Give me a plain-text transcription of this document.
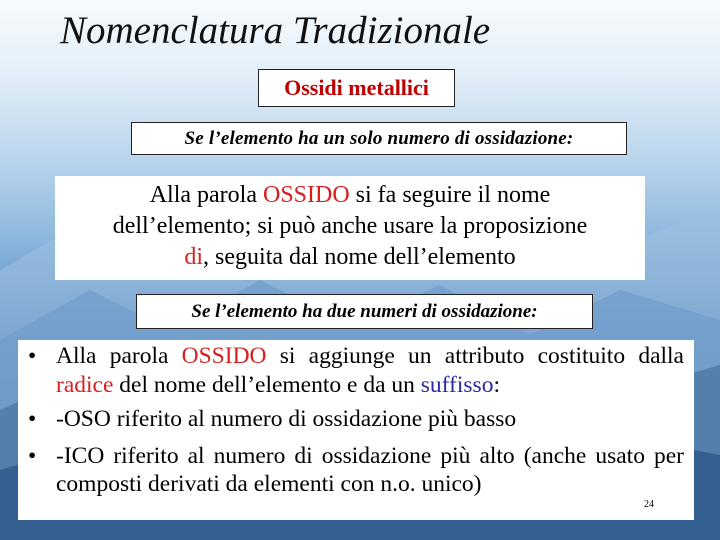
Nomenclatura Tradizionale
Ossidi metallici
Se l’elemento ha un solo numero di ossidazione:
Alla parola OSSIDO si fa seguire il nome
dell’elemento; si può anche usare la proposizione
di, seguita dal nome dell’elemento
Se l’elemento ha due numeri di ossidazione:
• Alla parola OSSIDO si aggiunge un attributo costituito dalla radice del nome dell’elemento e da un suffisso:
• -OSO riferito al numero di ossidazione più basso
• -ICO riferito al numero di ossidazione più alto (anche usato per composti derivati da elementi con n.o. unico)
24
